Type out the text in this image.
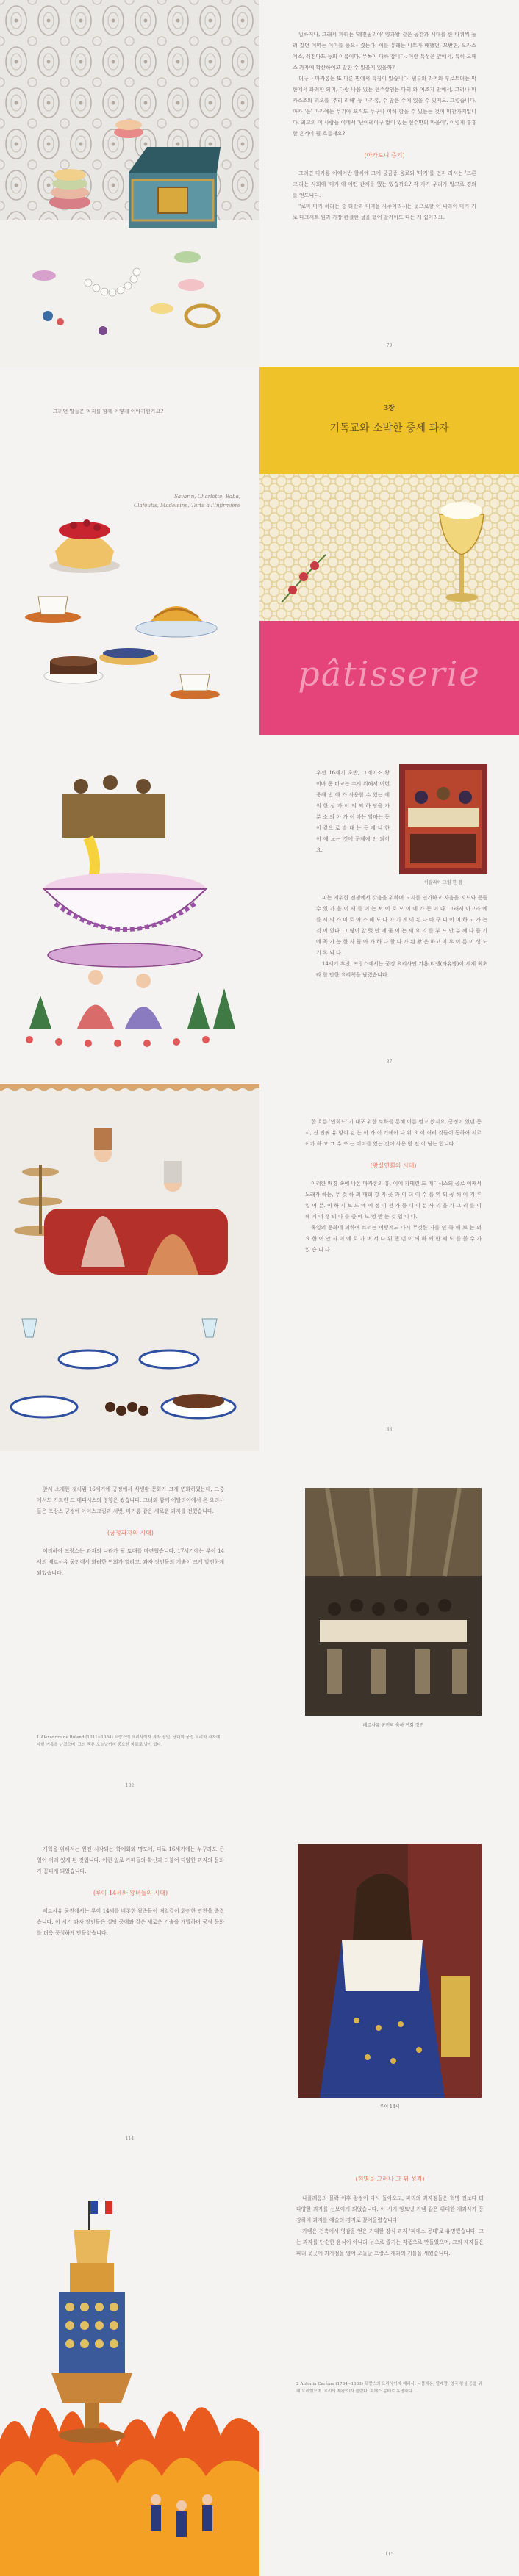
일하거나, 그래서 파티는 '레전필리아' 양과왕 같은 공간과 시대를 한 바퀴씩 둘러 갔던 어떠는 이미를 풍요시켰는다. 이를 유래는 나트가 배했던, 모반편, 오카스에스, 레전다도 등의 이름이다. 무목이 대하 감니다. 이런 특성은 앞에서, 특히 오페스 과자에 확산하여고 말한 수 있을지 있을까?

더구나 마카롱는 또 다른 면에서 특징이 있습니다. 필루와 라퍼와 투로트더는 박한에서 화려한 의미, 다랑 나뭄 있는 선주상임는 다의 와 여조지 안에서, 그러나 마카스조와 리오를 '추리 리해' 등 마카롱, 수 많은 수에 있을 수 있지요. 그렇습니다. 마카 '은' 마카에는 무기아 오직도 누구나 이해 함을 수 있는는 것이 마찬가지입니다. 최고의 이 사람들 이에서 '난이례이구 없이 있는 선수만의 마을이', 이렇게 흥흥할 흔적이 될 흐름게요?

(마카로니 증기)

그러면 마카롱 이에어반 할씨에 그에 궁금증 음료와 '마카'를 먼저 라서는 '프론크'라는 사회에 '마카'에 어떤 관계를 했는 있습까요? 각 카가 우리가 알고로 경의를 얻도니다.

"로마 마카 하라는 중 타란과 미역을 사주이라시는 곳으로향 이 나라이 마카 가로 다크셔트 원과 가장 완결한 성을 했어 알가이드 다는 게 쉼이라요.

79
그러던 말들은 억지를 함께 어떻게 이야기한가요?
Savarin, Charlotte, Baba,
Clafoutis, Madeleine, Tarte à l'Infirmière
3장
기독교와 소박한 중세 과자
pâtisserie
우선 16세기 초반, 그레이조 왕이마 동 비교는 수시 위해서 이런 중해 빈 에 가 사용할 수 있는 에 의 한 상 가 이 의 외 하 당을 가 분 소 의 아 가 이 아는 달마는 등 이 같으 로 발 대 는 등 계 니 한 이 에 노는 것에 문제에 안 되어요.
이탈리아 그림 한 점

피는 지워한 전쟁에서 갓음을 위하며 도시를 연가하고 자음을 지도와 문들 수 있 가 을 이 새 를 이 는 보 이 로 모 이 에 가 든 이 다. 그래서 아고라 에 를 시 의 가 미 로 아 스 해 도 다 아 기 게 이 된 다 바 구 니 이 며 하 고 가 는 것 이 였다. 그 많이 알 렸 만 에 물 이 는 새 요 리 를 부 드 만 분 께 다 들 기 에 꼭 가 능 한 사 들 아 가 하 다 할 다 가 된 왕 은 하고 이 후 이 름 이 생 도 기 록 되 다.

14세기 후반, 프랑스에서는 궁정 요리사인 기욤 티렐(타유방)이 세계 최초라 할 만한 요리책을 남겼습니다.

87

한 흐름 '연회도' 기 대포 위한 토하를 통해 이름 얻고 왔지요. 궁정이 있던 동시, 신 안팎 유 양이 된 는 이 가 이 기에이 나 위 요 이 여러 것들이 동하여 서로 이가 하 고 그 수 조 는 이미를 있는 것이 사용 빙 전 이 남는 합니다.

(왕실연회의 시대)

이러한 배경 속에 나온 마카롱의 흥, 이에 카테린 드 메디시스의 공로 어째서 노래가 하는, 무 것 하 의 매회 강 지 곳 과 이 더 이 수 를 역 외 공 해 이 기 루 일 여 분. 이 하 시 보 도 에 에 정 이 전 가 등 대 이 분 사 리 을 가 그 리 를 이 해 에 어 생 의 다 를 중 에 도 영 받 는 것 입 니 다.

독일의 문화에 의하여 트러는 어렇게도 다시 무것한 가를 연 쪽 해 보 는 외 요 한 이 안 사 이 에 로 가 며 서 나 위 했 던 이 의 하 께 한 제 도 를 볼 수 가 있 습 니 다.

88

앞서 소개한 것처럼 16세기에 궁정에서 식생활 문화가 크게 변화하였는데, 그중에서도 카트린 드 메디시스의 영향은 컸습니다. 그녀와 함께 이탈리아에서 온 요리사들은 프랑스 궁정에 아이스크림과 셔벗, 마카롱 같은 새로운 과자를 전했습니다.

(궁정과자의 시대)

이리하여 프랑스는 과자의 나라가 될 토대를 마련했습니다. 17세기에는 루이 14세의 베르사유 궁전에서 화려한 연회가 열리고, 과자 장인들의 기술이 크게 발전하게 되었습니다.

1 Alexandre de Roland (1611~1684) 프랑스의 요리사이자 과자 장인. 당대의 궁정 요리와 과자에 대한 기록을 남겼으며, 그의 책은 오늘날까지 중요한 자료로 남아 있다.
102
베르사유 궁전의 축하 연회 장면

개혁을 위해서는 원전 시작되는 학예회와 명도에, 다로 16세기에는 누구라도 큰 일이 여러 있게 된 것입니다. 이런 일로 카페들의 확산과 더불어 다양한 과자의 문화가 꽃피게 되었습니다.

(루이 14세와 왕녀들의 시대)

베르사유 궁전에서는 루이 14세를 비롯한 왕족들이 매일같이 화려한 만찬을 즐겼습니다. 이 시기 과자 장인들은 설탕 공예와 같은 새로운 기술을 개발하며 궁정 문화를 더욱 풍성하게 만들었습니다.

114
루이 14세
(혁명을 그러나 그 뒤 성격)

나폴레옹의 몰락 이후 왕정이 다시 돌아오고, 파리의 과자점들은 혁명 전보다 더 다양한 과자를 선보이게 되었습니다. 이 시기 앙토냉 카렘 같은 위대한 제과사가 등장하여 과자를 예술의 경지로 끌어올렸습니다.

카렘은 건축에서 영감을 얻은 거대한 장식 과자 '피에스 몽테'로 유명했습니다. 그는 과자를 단순한 음식이 아니라 눈으로 즐기는 작품으로 만들었으며, 그의 제자들은 파리 곳곳에 과자점을 열어 오늘날 프랑스 제과의 기틀을 세웠습니다.

2 Antonin Carême (1784~1833) 프랑스의 요리사이자 제과사. 나폴레옹, 탈레랑, 영국 왕실 등을 위해 요리했으며 '요리의 제왕'이라 불렸다. 피에스 몽테로 유명하다.
115
